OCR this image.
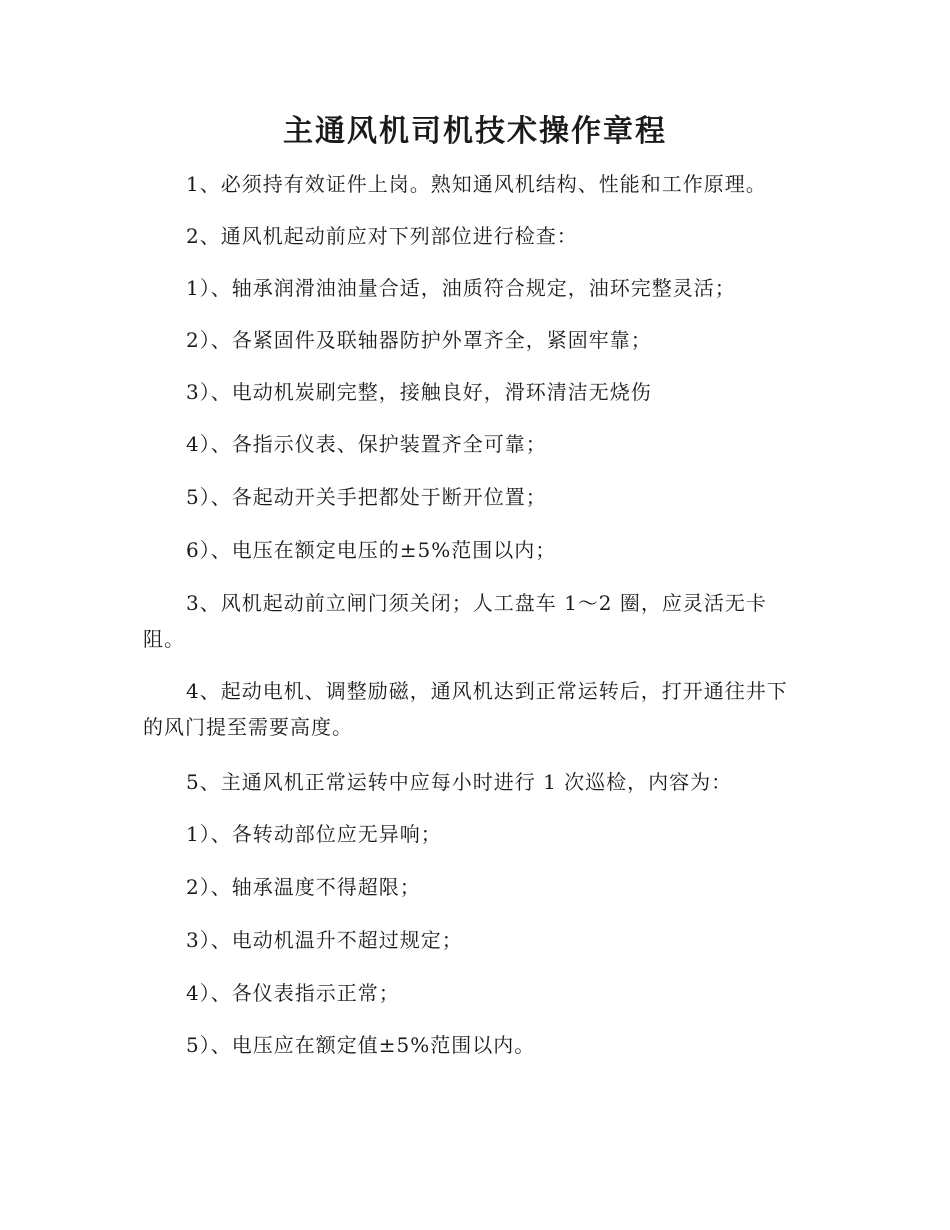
主通风机司机技术操作章程

1、必须持有效证件上岗。熟知通风机结构、性能和工作原理。

2、通风机起动前应对下列部位进行检查：

1）、轴承润滑油油量合适，油质符合规定，油环完整灵活；

2）、各紧固件及联轴器防护外罩齐全，紧固牢靠；

3）、电动机炭刷完整，接触良好，滑环清洁无烧伤

4）、各指示仪表、保护装置齐全可靠；

5）、各起动开关手把都处于断开位置；

6）、电压在额定电压的±5%范围以内；

3、风机起动前立闸门须关闭；人工盘车 1～2 圈，应灵活无卡
阻。

4、起动电机、调整励磁，通风机达到正常运转后，打开通往井下
的风门提至需要高度。

5、主通风机正常运转中应每小时进行 1 次巡检，内容为：

1）、各转动部位应无异响；

2）、轴承温度不得超限；

3）、电动机温升不超过规定；

4）、各仪表指示正常；

5）、电压应在额定值±5%范围以内。
